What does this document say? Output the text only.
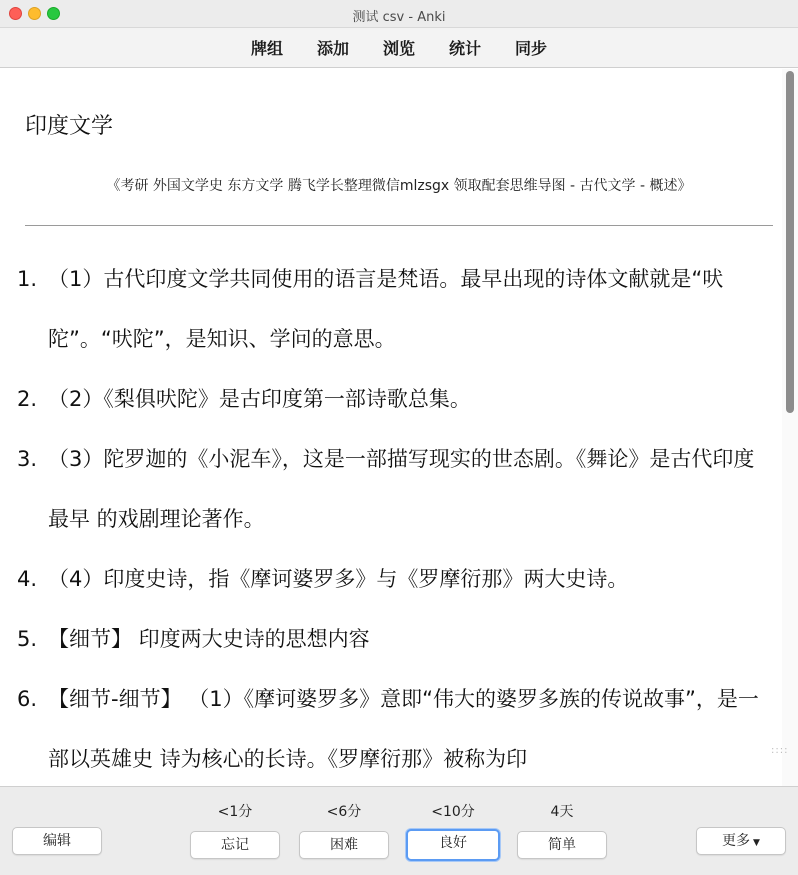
测试 csv - Anki
牌组 添加 浏览 统计 同步
印度文学
《考研 外国文学史 东方文学 腾飞学长整理微信mlzsgx 领取配套思维导图 - 古代文学 - 概述》
1. （1）古代印度文学共同使用的语言是梵语。最早出现的诗体文献就是“吠陀”。“吠陀”，是知识、学问的意思。
2. （2）《梨俱吠陀》是古印度第一部诗歌总集。
3. （3）陀罗迦的《小泥车》，这是一部描写现实的世态剧。《舞论》是古代印度最早 的戏剧理论著作。
4. （4）印度史诗，指《摩诃婆罗多》与《罗摩衍那》两大史诗。
5. 【细节】 印度两大史诗的思想内容
6. 【细节-细节】 （1）《摩诃婆罗多》意即“伟大的婆罗多族的传说故事”，是一部以英雄史 诗为核心的长诗。《罗摩衍那》被称为印	::::
编辑
<1分
忘记
<6分
困难
<10分
良好
4天
简单	更多 ▼
